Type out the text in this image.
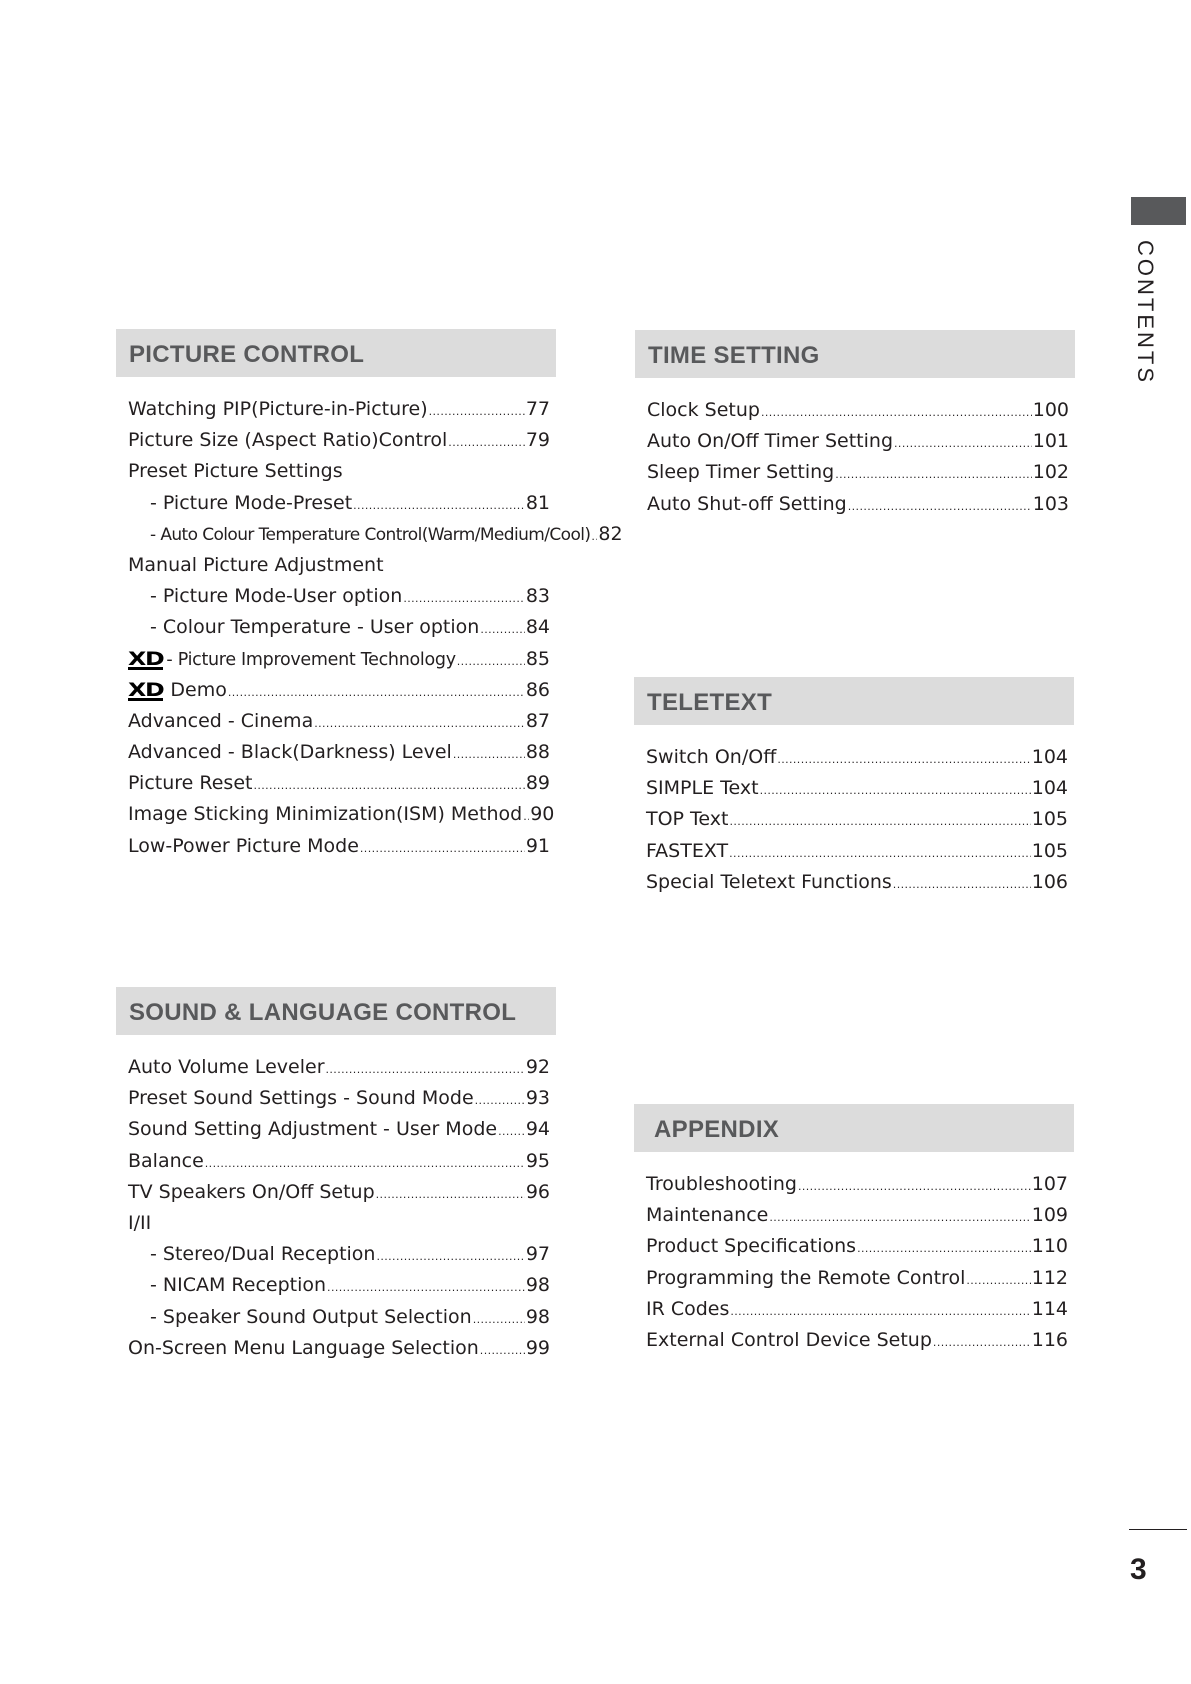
PICTURE CONTROL
Watching PIP(Picture-in-Picture) .....	77
Picture Size (Aspect Ratio)Control .....	79
Preset Picture Settings
- Picture Mode-Preset .....	81
- Auto Colour Temperature Control(Warm/Medium/Cool) ..... 82
Manual Picture Adjustment
- Picture Mode-User option .....	83
- Colour Temperature - User option ..... 84
XD - Picture Improvement Technology .....	85
XD Demo .....	86
Advanced - Cinema .....	87
Advanced - Black(Darkness) Level .....	88
Picture Reset .....	89
Image Sticking Minimization(ISM) Method ..... 90
Low-Power Picture Mode .....	91
SOUND & LANGUAGE CONTROL
Auto Volume Leveler .....	92
Preset Sound Settings - Sound Mode .....	93
Sound Setting Adjustment - User Mode ..... 94
Balance .....	95
TV Speakers On/Off Setup .....	96
I/II
- Stereo/Dual Reception .....	97
- NICAM Reception .....	98
- Speaker Sound Output Selection .....	98
On-Screen Menu Language Selection ..... 99
TIME SETTING
Clock Setup .....	100
Auto On/Off Timer Setting .....	101
Sleep Timer Setting .....	102
Auto Shut-off Setting .....	103
TELETEXT
Switch On/Off .....	104
SIMPLE Text .....	104
TOP Text .....	105
FASTEXT .....	105
Special Teletext Functions .....	106
APPENDIX
Troubleshooting .....	107
Maintenance .....	109
Product Specifications .....	110
Programming the Remote Control .....	112
IR Codes .....	114
External Control Device Setup .....	116
CONTENTS
3
